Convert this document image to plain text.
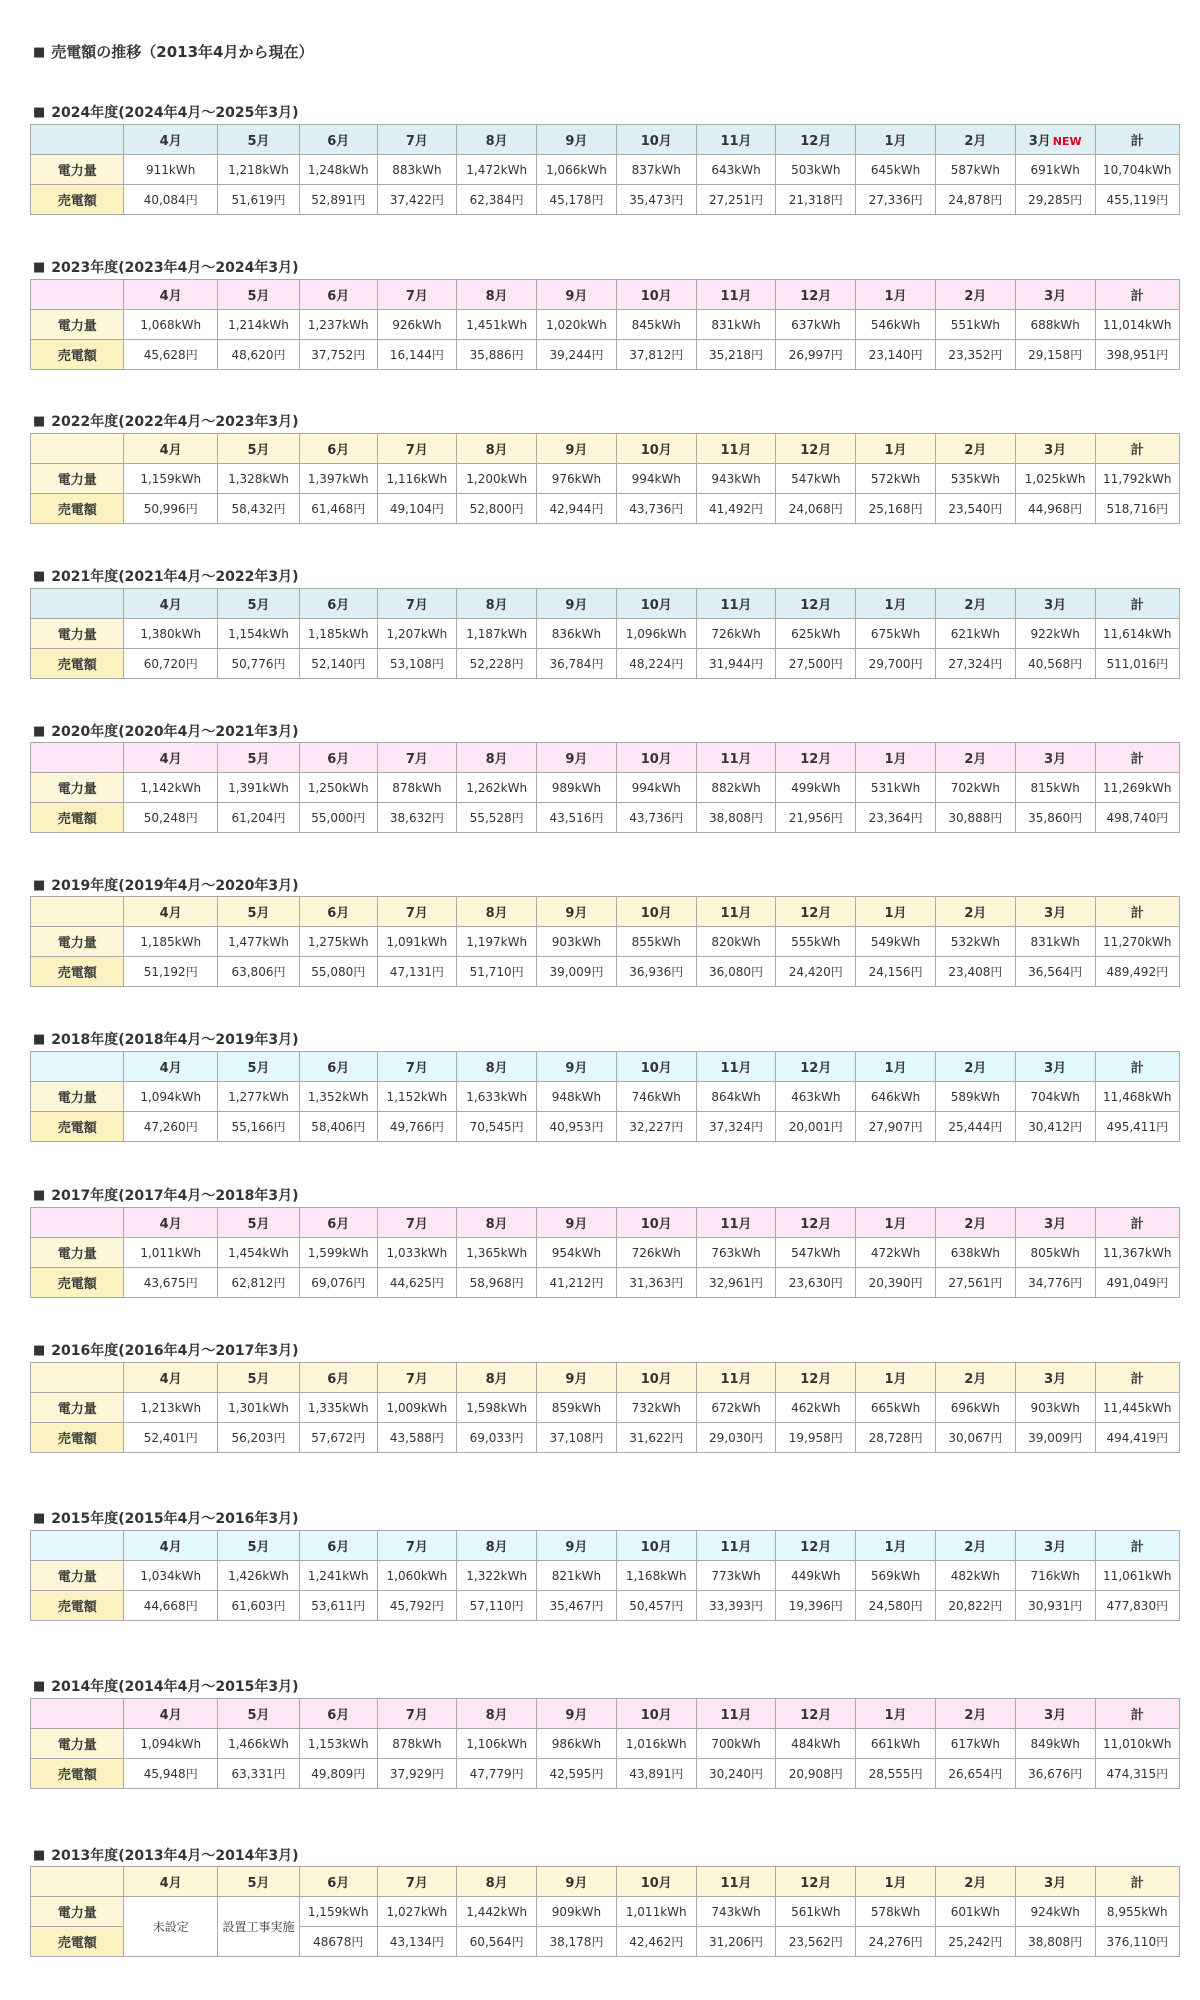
■ 売電額の推移（2013年4月から現在）
■ 2024年度(2024年4月～2025年3月)
	4月	5月	6月	7月	8月	9月	10月	11月	12月	1月	2月	3月 NEW	計
電力量	911kWh	1,218kWh	1,248kWh	883kWh	1,472kWh	1,066kWh	837kWh	643kWh	503kWh	645kWh	587kWh	691kWh	10,704kWh
売電額	40,084円	51,619円	52,891円	37,422円	62,384円	45,178円	35,473円	27,251円	21,318円	27,336円	24,878円	29,285円	455,119円
■ 2023年度(2023年4月～2024年3月)
	4月	5月	6月	7月	8月	9月	10月	11月	12月	1月	2月	3月	計
電力量	1,068kWh	1,214kWh	1,237kWh	926kWh	1,451kWh	1,020kWh	845kWh	831kWh	637kWh	546kWh	551kWh	688kWh	11,014kWh
売電額	45,628円	48,620円	37,752円	16,144円	35,886円	39,244円	37,812円	35,218円	26,997円	23,140円	23,352円	29,158円	398,951円
■ 2022年度(2022年4月～2023年3月)
	4月	5月	6月	7月	8月	9月	10月	11月	12月	1月	2月	3月	計
電力量	1,159kWh	1,328kWh	1,397kWh	1,116kWh	1,200kWh	976kWh	994kWh	943kWh	547kWh	572kWh	535kWh	1,025kWh	11,792kWh
売電額	50,996円	58,432円	61,468円	49,104円	52,800円	42,944円	43,736円	41,492円	24,068円	25,168円	23,540円	44,968円	518,716円
■ 2021年度(2021年4月～2022年3月)
	4月	5月	6月	7月	8月	9月	10月	11月	12月	1月	2月	3月	計
電力量	1,380kWh	1,154kWh	1,185kWh	1,207kWh	1,187kWh	836kWh	1,096kWh	726kWh	625kWh	675kWh	621kWh	922kWh	11,614kWh
売電額	60,720円	50,776円	52,140円	53,108円	52,228円	36,784円	48,224円	31,944円	27,500円	29,700円	27,324円	40,568円	511,016円
■ 2020年度(2020年4月～2021年3月)
	4月	5月	6月	7月	8月	9月	10月	11月	12月	1月	2月	3月	計
電力量	1,142kWh	1,391kWh	1,250kWh	878kWh	1,262kWh	989kWh	994kWh	882kWh	499kWh	531kWh	702kWh	815kWh	11,269kWh
売電額	50,248円	61,204円	55,000円	38,632円	55,528円	43,516円	43,736円	38,808円	21,956円	23,364円	30,888円	35,860円	498,740円
■ 2019年度(2019年4月～2020年3月)
	4月	5月	6月	7月	8月	9月	10月	11月	12月	1月	2月	3月	計
電力量	1,185kWh	1,477kWh	1,275kWh	1,091kWh	1,197kWh	903kWh	855kWh	820kWh	555kWh	549kWh	532kWh	831kWh	11,270kWh
売電額	51,192円	63,806円	55,080円	47,131円	51,710円	39,009円	36,936円	36,080円	24,420円	24,156円	23,408円	36,564円	489,492円
■ 2018年度(2018年4月～2019年3月)
	4月	5月	6月	7月	8月	9月	10月	11月	12月	1月	2月	3月	計
電力量	1,094kWh	1,277kWh	1,352kWh	1,152kWh	1,633kWh	948kWh	746kWh	864kWh	463kWh	646kWh	589kWh	704kWh	11,468kWh
売電額	47,260円	55,166円	58,406円	49,766円	70,545円	40,953円	32,227円	37,324円	20,001円	27,907円	25,444円	30,412円	495,411円
■ 2017年度(2017年4月～2018年3月)
	4月	5月	6月	7月	8月	9月	10月	11月	12月	1月	2月	3月	計
電力量	1,011kWh	1,454kWh	1,599kWh	1,033kWh	1,365kWh	954kWh	726kWh	763kWh	547kWh	472kWh	638kWh	805kWh	11,367kWh
売電額	43,675円	62,812円	69,076円	44,625円	58,968円	41,212円	31,363円	32,961円	23,630円	20,390円	27,561円	34,776円	491,049円
■ 2016年度(2016年4月～2017年3月)
	4月	5月	6月	7月	8月	9月	10月	11月	12月	1月	2月	3月	計
電力量	1,213kWh	1,301kWh	1,335kWh	1,009kWh	1,598kWh	859kWh	732kWh	672kWh	462kWh	665kWh	696kWh	903kWh	11,445kWh
売電額	52,401円	56,203円	57,672円	43,588円	69,033円	37,108円	31,622円	29,030円	19,958円	28,728円	30,067円	39,009円	494,419円
■ 2015年度(2015年4月～2016年3月)
	4月	5月	6月	7月	8月	9月	10月	11月	12月	1月	2月	3月	計
電力量	1,034kWh	1,426kWh	1,241kWh	1,060kWh	1,322kWh	821kWh	1,168kWh	773kWh	449kWh	569kWh	482kWh	716kWh	11,061kWh
売電額	44,668円	61,603円	53,611円	45,792円	57,110円	35,467円	50,457円	33,393円	19,396円	24,580円	20,822円	30,931円	477,830円
■ 2014年度(2014年4月～2015年3月)
	4月	5月	6月	7月	8月	9月	10月	11月	12月	1月	2月	3月	計
電力量	1,094kWh	1,466kWh	1,153kWh	878kWh	1,106kWh	986kWh	1,016kWh	700kWh	484kWh	661kWh	617kWh	849kWh	11,010kWh
売電額	45,948円	63,331円	49,809円	37,929円	47,779円	42,595円	43,891円	30,240円	20,908円	28,555円	26,654円	36,676円	474,315円
■ 2013年度(2013年4月～2014年3月)
	4月	5月	6月	7月	8月	9月	10月	11月	12月	1月	2月	3月	計
電力量	未設定	設置工事実施	1,159kWh	1,027kWh	1,442kWh	909kWh	1,011kWh	743kWh	561kWh	578kWh	601kWh	924kWh	8,955kWh
売電額			48678円	43,134円	60,564円	38,178円	42,462円	31,206円	23,562円	24,276円	25,242円	38,808円	376,110円
